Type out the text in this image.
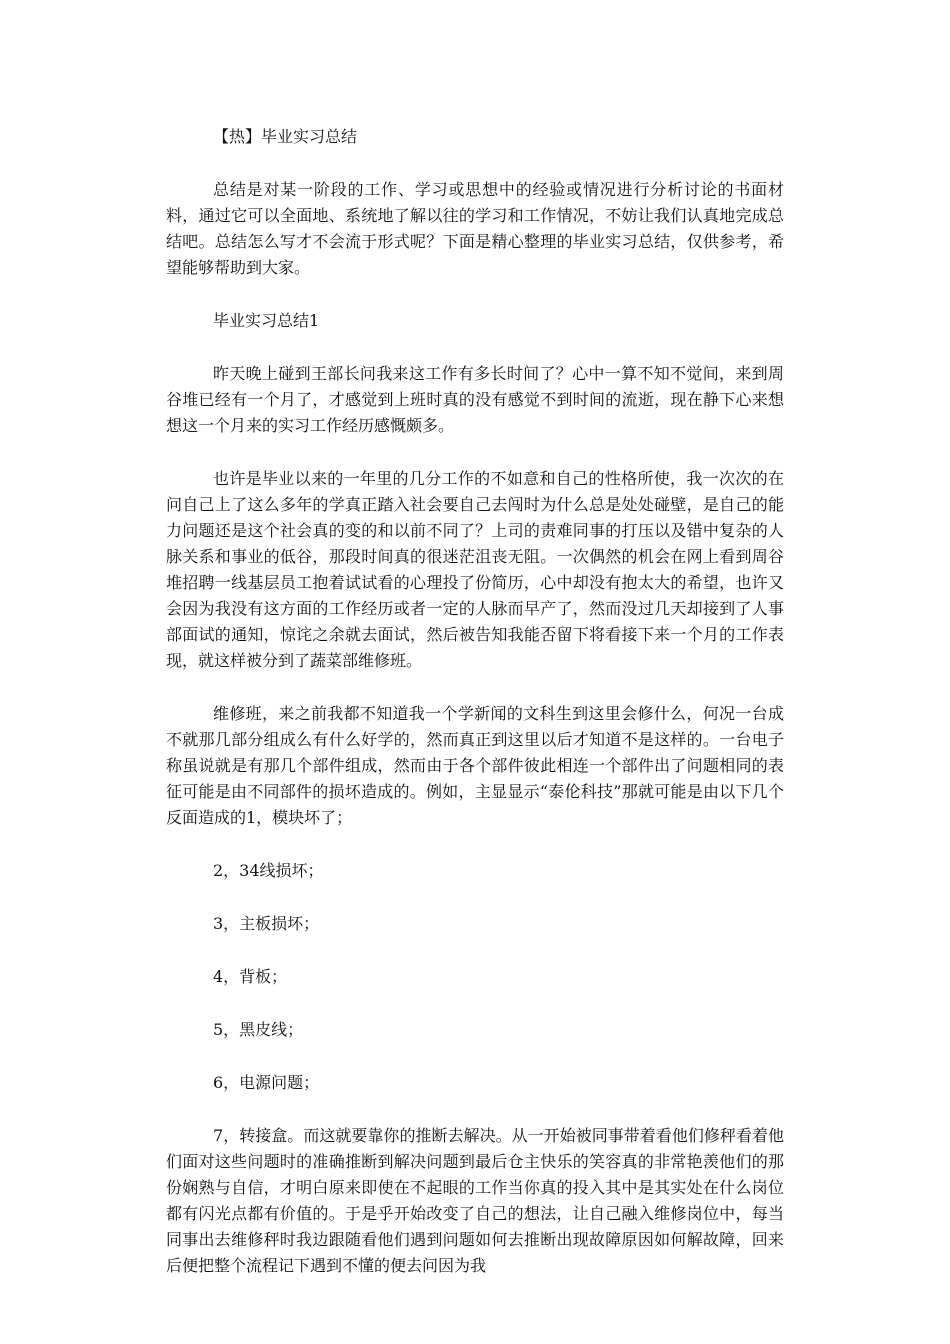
【热】毕业实习总结

总结是对某一阶段的工作、学习或思想中的经验或情况进行分析讨论的书面材料，通过它可以全面地、系统地了解以往的学习和工作情况，不妨让我们认真地完成总结吧。总结怎么写才不会流于形式呢？下面是精心整理的毕业实习总结，仅供参考，希望能够帮助到大家。

毕业实习总结1

昨天晚上碰到王部长问我来这工作有多长时间了？心中一算不知不觉间，来到周谷堆已经有一个月了，才感觉到上班时真的没有感觉不到时间的流逝，现在静下心来想想这一个月来的实习工作经历感慨颇多。

也许是毕业以来的一年里的几分工作的不如意和自己的性格所使，我一次次的在问自己上了这么多年的学真正踏入社会要自己去闯时为什么总是处处碰壁，是自己的能力问题还是这个社会真的变的和以前不同了？上司的责难同事的打压以及错中复杂的人脉关系和事业的低谷，那段时间真的很迷茫沮丧无阻。一次偶然的机会在网上看到周谷堆招聘一线基层员工抱着试试看的心理投了份简历，心中却没有抱太大的希望，也许又会因为我没有这方面的工作经历或者一定的人脉而早产了，然而没过几天却接到了人事部面试的通知，惊诧之余就去面试，然后被告知我能否留下将看接下来一个月的工作表现，就这样被分到了蔬菜部维修班。

维修班，来之前我都不知道我一个学新闻的文科生到这里会修什么，何况一台成不就那几部分组成么有什么好学的，然而真正到这里以后才知道不是这样的。一台电子称虽说就是有那几个部件组成，然而由于各个部件彼此相连一个部件出了问题相同的表征可能是由不同部件的损坏造成的。例如，主显显示“泰伦科技”那就可能是由以下几个反面造成的1，模块坏了；

2，34线损坏；

3，主板损坏；

4，背板；

5，黑皮线；

6，电源问题；

7，转接盒。而这就要靠你的推断去解决。从一开始被同事带着看他们修秤看着他们面对这些问题时的准确推断到解决问题到最后仓主快乐的笑容真的非常艳羡他们的那份娴熟与自信，才明白原来即使在不起眼的工作当你真的投入其中是其实处在什么岗位都有闪光点都有价值的。于是乎开始改变了自己的想法，让自己融入维修岗位中，每当同事出去维修秤时我边跟随看他们遇到问题如何去推断出现故障原因如何解故障，回来后便把整个流程记下遇到不懂的便去问因为我
